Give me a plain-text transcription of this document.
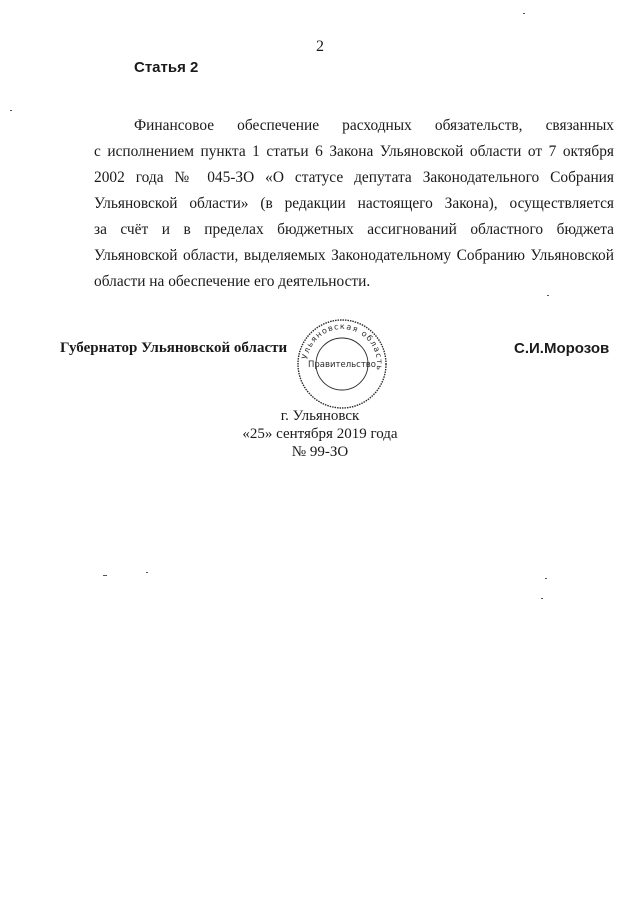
2
Статья 2
Финансовое обеспечение расходных обязательств, связанных
с исполнением пункта 1 статьи 6 Закона Ульяновской области от 7 октября
2002 года № 045-ЗО «О статусе депутата Законодательного Собрания
Ульяновской области» (в редакции настоящего Закона), осуществляется
за счёт и в пределах бюджетных ассигнований областного бюджета
Ульяновской области, выделяемых Законодательному Собранию Ульяновской
области на обеспечение его деятельности.
Губернатор Ульяновской области
Ульяновская область
Правительство
С.И.Морозов
г. Ульяновск
«25» сентября 2019 года
№ 99-ЗО
